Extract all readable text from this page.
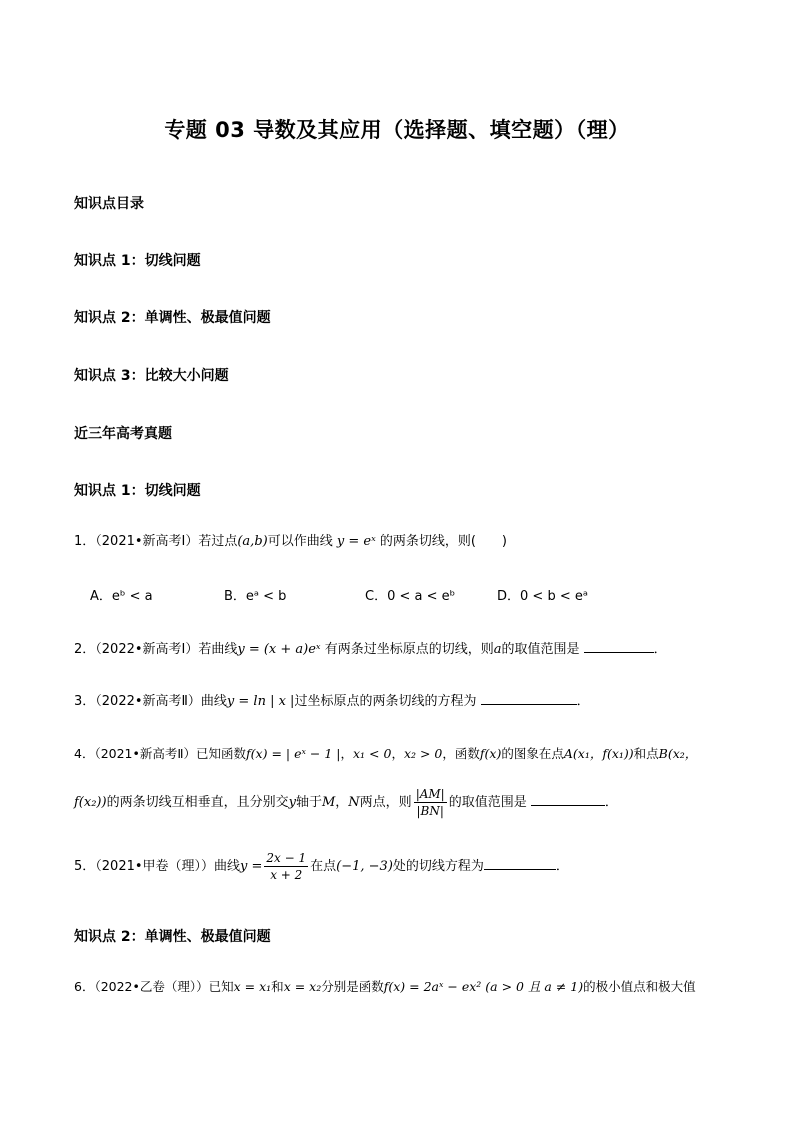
专题 03 导数及其应用（选择题、填空题）（理）
知识点目录
知识点 1：切线问题
知识点 2：单调性、极最值问题
知识点 3：比较大小问题
近三年高考真题
知识点 1：切线问题
1．（2021•新高考Ⅰ）若过点(a,b)可以作曲线 y = eˣ 的两条切线，则(　　)
A．eᵇ < a	B．eᵃ < b	C．0 < a < eᵇ	D．0 < b < eᵃ
2．（2022•新高考Ⅰ）若曲线y = (x + a)eˣ 有两条过坐标原点的切线，则a的取值范围是	．
3．（2022•新高考Ⅱ）曲线y = ln | x |过坐标原点的两条切线的方程为	．
4．（2021•新高考Ⅱ）已知函数f(x) = | eˣ − 1 |，x₁ < 0，x₂ > 0，函数f(x)的图象在点A(x₁，f(x₁))和点B(x₂，
f(x₂))的两条切线互相垂直，且分别交y轴于M，N两点，则 $\frac{|AM|}{|BN|}$ 的取值范围是	．
5．（2021•甲卷（理））曲线$y = \frac{2x - 1}{x + 2}$ 在点(−1, −3)处的切线方程为	．
知识点 2：单调性、极最值问题
6．（2022•乙卷（理））已知x = x₁和x = x₂分别是函数f(x) = 2aˣ − ex² (a > 0 且 a ≠ 1)的极小值点和极大值
